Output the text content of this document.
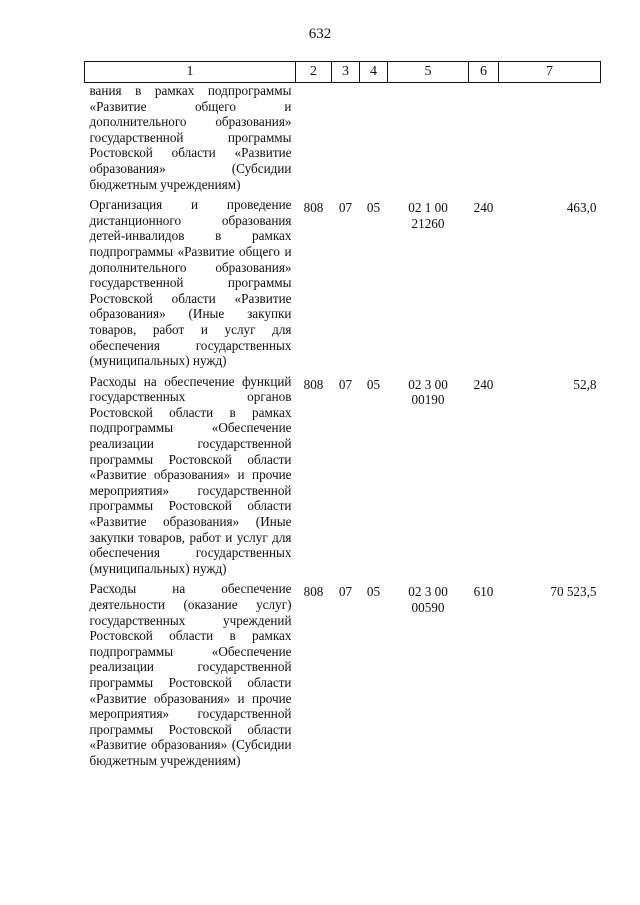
632
1	2	3	4	5	6	7
вания в рамках подпрограммы «Развитие общего и дополнительного образования» государственной программы Ростовской области «Развитие образования» (Субсидии бюджетным учреждениям)						
Организация и проведение дистанционного образования детей-инвалидов в рамках подпрограммы «Развитие общего и дополнительного образования» государственной программы Ростовской области «Развитие образования» (Иные закупки товаров, работ и услуг для обеспечения государственных (муниципальных) нужд)	808	07	05	02 1 00 21260	240	463,0
Расходы на обеспечение функций государственных органов Ростовской области в рамках подпрограммы «Обеспечение реализации государственной программы Ростовской области «Развитие образования» и прочие мероприятия» государственной программы Ростовской области «Развитие образования» (Иные закупки товаров, работ и услуг для обеспечения государственных (муниципальных) нужд)	808	07	05	02 3 00 00190	240	52,8
Расходы на обеспечение деятельности (оказание услуг) государственных учреждений Ростовской области в рамках подпрограммы «Обеспечение реализации государственной программы Ростовской области «Развитие образования» и прочие мероприятия» государственной программы Ростовской области «Развитие образования» (Субсидии бюджетным учреждениям)	808	07	05	02 3 00 00590	610	70 523,5
